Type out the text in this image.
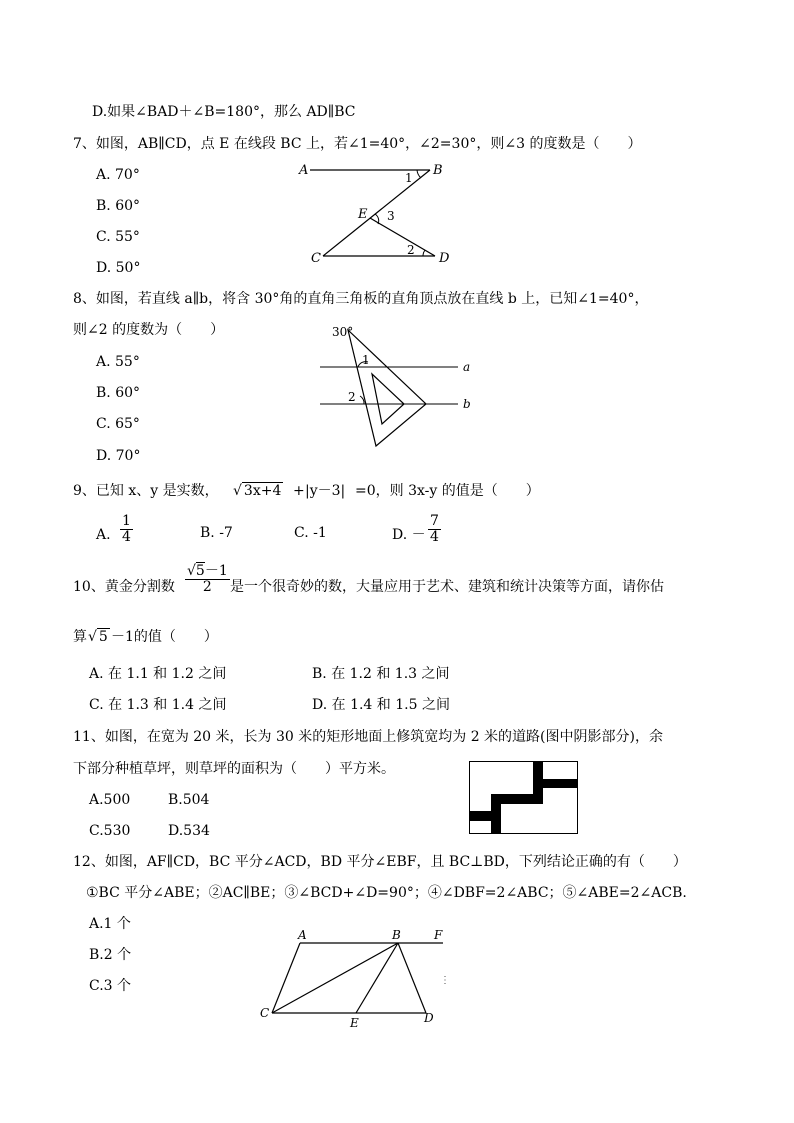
D.如果∠BAD＋∠B=180°，那么 AD∥BC
7、如图，AB∥CD，点 E 在线段 BC 上，若∠1=40°，∠2=30°，则∠3 的度数是（　　）
A. 70°
B. 60°
C. 55°
D. 50°
A	B
C	D
E
1
2
3
8、如图，若直线 a∥b，将含 30°角的直角三角板的直角顶点放在直线 b 上，已知∠1=40°，
则∠2 的度数为（　　）
A. 55°
B. 60°
C. 65°
D. 70°
30°
1
2
a
b
9、已知 x、y 是实数， √ 3x+4 + |y－3| =0，则 3x-y 的值是（　　）
A. $\frac{1}{4}$	B. -7	C. -1	D. － $\frac{7}{4}$
10、黄金分割数 $\frac{√5-1}{2}$ 是一个很奇妙的数，大量应用于艺术、建筑和统计决策等方面，请你估
算 √ 5 －1的值（　　）
A. 在 1.1 和 1.2 之间	B. 在 1.2 和 1.3 之间
C. 在 1.3 和 1.4 之间	D. 在 1.4 和 1.5 之间
11、如图，在宽为 20 米，长为 30 米的矩形地面上修筑宽均为 2 米的道路(图中阴影部分)，余
下部分种植草坪，则草坪的面积为（　　）平方米。
A.500	B.504
C.530	D.534
12、如图，AF∥CD，BC 平分∠ACD，BD 平分∠EBF，且 BC⊥BD，下列结论正确的有（　　）
①BC 平分∠ABE；②AC∥BE；③∠BCD+∠D=90°；④∠DBF=2∠ABC；⑤∠ABE=2∠ACB.
A.1 个
B.2 个
C.3 个
A	B	F
C
E	D
⋮
